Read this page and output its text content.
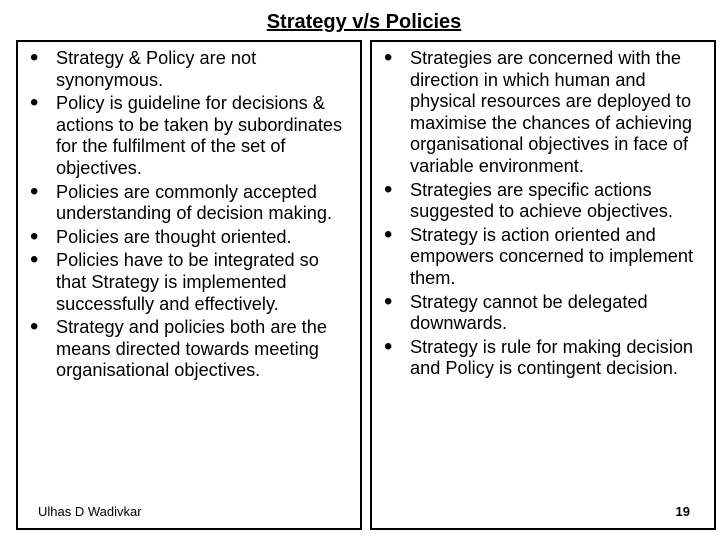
Strategy v/s Policies
• Strategy & Policy are not synonymous.
• Policy is guideline for decisions & actions to be taken by subordinates for the fulfilment of the set of objectives.
• Policies are commonly accepted understanding of decision making.
• Policies are thought oriented.
• Policies have to be integrated so that Strategy is implemented successfully and effectively.
• Strategy and policies both are the means directed towards meeting organisational objectives.
• Strategies are concerned with the direction in which human and physical resources are deployed to maximise the chances of achieving organisational objectives in face of variable environment.
• Strategies are specific actions suggested to achieve objectives.
• Strategy is action oriented and empowers concerned to implement them.
• Strategy cannot be delegated downwards.
• Strategy is rule for making decision and Policy is contingent decision.
Ulhas D Wadivkar	19
